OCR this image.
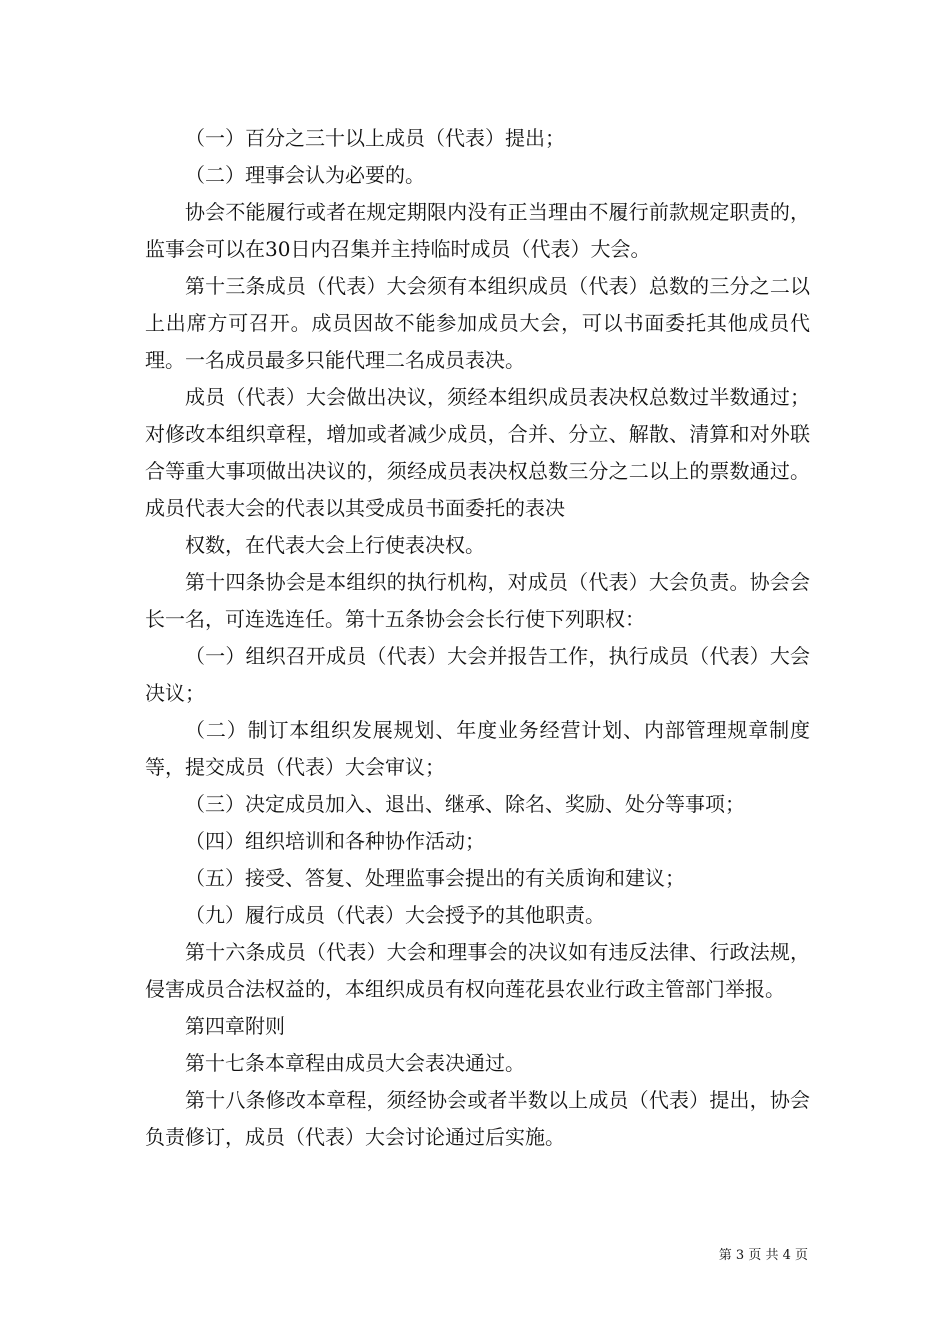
（一）百分之三十以上成员（代表）提出；

（二）理事会认为必要的。

协会不能履行或者在规定期限内没有正当理由不履行前款规定职责的，监事会可以在30日内召集并主持临时成员（代表）大会。

第十三条成员（代表）大会须有本组织成员（代表）总数的三分之二以上出席方可召开。成员因故不能参加成员大会，可以书面委托其他成员代理。一名成员最多只能代理二名成员表决。

成员（代表）大会做出决议，须经本组织成员表决权总数过半数通过；对修改本组织章程，增加或者减少成员，合并、分立、解散、清算和对外联合等重大事项做出决议的，须经成员表决权总数三分之二以上的票数通过。成员代表大会的代表以其受成员书面委托的表决

权数，在代表大会上行使表决权。

第十四条协会是本组织的执行机构，对成员（代表）大会负责。协会会长一名，可连选连任。第十五条协会会长行使下列职权：

（一）组织召开成员（代表）大会并报告工作，执行成员（代表）大会决议；

（二）制订本组织发展规划、年度业务经营计划、内部管理规章制度等，提交成员（代表）大会审议；

（三）决定成员加入、退出、继承、除名、奖励、处分等事项；

（四）组织培训和各种协作活动；

（五）接受、答复、处理监事会提出的有关质询和建议；

（九）履行成员（代表）大会授予的其他职责。

第十六条成员（代表）大会和理事会的决议如有违反法律、行政法规，侵害成员合法权益的，本组织成员有权向莲花县农业行政主管部门举报。

第四章附则

第十七条本章程由成员大会表决通过。

第十八条修改本章程，须经协会或者半数以上成员（代表）提出，协会负责修订，成员（代表）大会讨论通过后实施。

第 3 页 共 4 页
